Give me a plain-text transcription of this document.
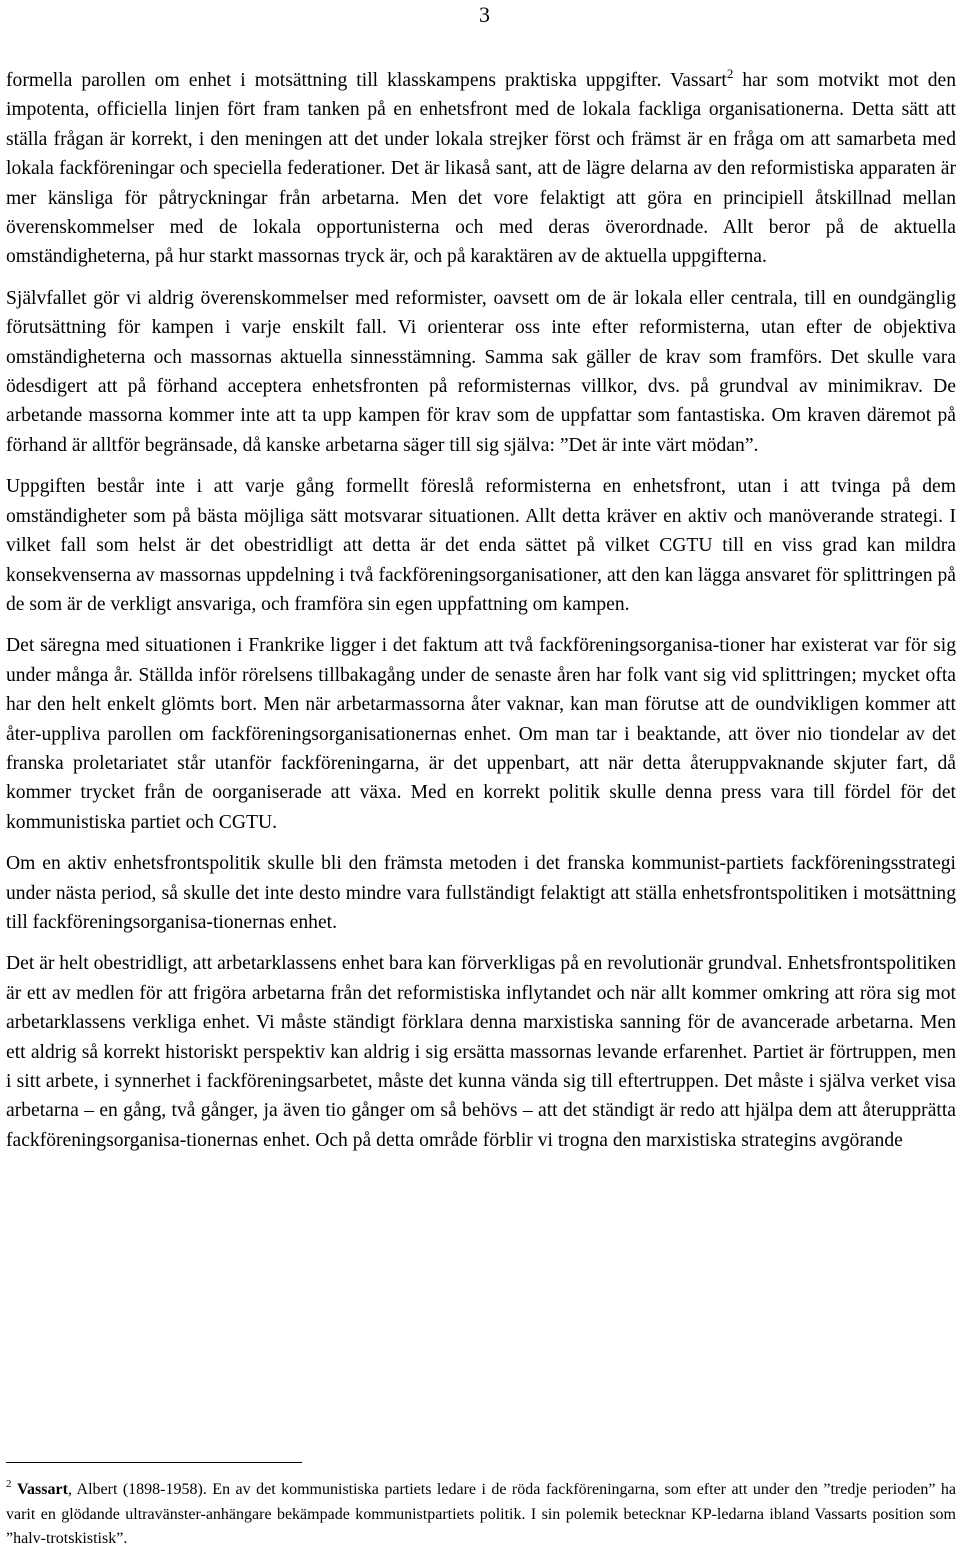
3

formella parollen om enhet i motsättning till klasskampens praktiska uppgifter. Vassart$^2$ har som motvikt mot den impotenta, officiella linjen fört fram tanken på en enhetsfront med de lokala fackliga organisationerna. Detta sätt att ställa frågan är korrekt, i den meningen att det under lokala strejker först och främst är en fråga om att samarbeta med lokala fackföreningar och speciella federationer. Det är likaså sant, att de lägre delarna av den reformistiska apparaten är mer känsliga för påtryckningar från arbetarna. Men det vore felaktigt att göra en principiell åtskillnad mellan överenskommelser med de lokala opportunisterna och med deras överordnade. Allt beror på de aktuella omständigheterna, på hur starkt massornas tryck är, och på karaktären av de aktuella uppgifterna.

Självfallet gör vi aldrig överenskommelser med reformister, oavsett om de är lokala eller centrala, till en oundgänglig förutsättning för kampen i varje enskilt fall. Vi orienterar oss inte efter reformisterna, utan efter de objektiva omständigheterna och massornas aktuella sinnesstämning. Samma sak gäller de krav som framförs. Det skulle vara ödesdigert att på förhand acceptera enhetsfronten på reformisternas villkor, dvs. på grundval av minimikrav. De arbetande massorna kommer inte att ta upp kampen för krav som de uppfattar som fantastiska. Om kraven däremot på förhand är alltför begränsade, då kanske arbetarna säger till sig själva: ”Det är inte värt mödan”.

Uppgiften består inte i att varje gång formellt föreslå reformisterna en enhetsfront, utan i att tvinga på dem omständigheter som på bästa möjliga sätt motsvarar situationen. Allt detta kräver en aktiv och manöverande strategi. I vilket fall som helst är det obestridligt att detta är det enda sättet på vilket CGTU till en viss grad kan mildra konsekvenserna av massornas uppdelning i två fackföreningsorganisationer, att den kan lägga ansvaret för splittringen på de som är de verkligt ansvariga, och framföra sin egen uppfattning om kampen.

Det säregna med situationen i Frankrike ligger i det faktum att två fackföreningsorganisa-tioner har existerat var för sig under många år. Ställda inför rörelsens tillbakagång under de senaste åren har folk vant sig vid splittringen; mycket ofta har den helt enkelt glömts bort. Men när arbetarmassorna åter vaknar, kan man förutse att de oundvikligen kommer att åter-uppliva parollen om fackföreningsorganisationernas enhet. Om man tar i beaktande, att över nio tiondelar av det franska proletariatet står utanför fackföreningarna, är det uppenbart, att när detta återuppvaknande skjuter fart, då kommer trycket från de oorganiserade att växa. Med en korrekt politik skulle denna press vara till fördel för det kommunistiska partiet och CGTU.

Om en aktiv enhetsfrontspolitik skulle bli den främsta metoden i det franska kommunist-partiets fackföreningsstrategi under nästa period, så skulle det inte desto mindre vara fullständigt felaktigt att ställa enhetsfrontspolitiken i motsättning till fackföreningsorganisa-tionernas enhet.

Det är helt obestridligt, att arbetarklassens enhet bara kan förverkligas på en revolutionär grundval. Enhetsfrontspolitiken är ett av medlen för att frigöra arbetarna från det reformistiska inflytandet och när allt kommer omkring att röra sig mot arbetarklassens verkliga enhet. Vi måste ständigt förklara denna marxistiska sanning för de avancerade arbetarna. Men ett aldrig så korrekt historiskt perspektiv kan aldrig i sig ersätta massornas levande erfarenhet. Partiet är förtruppen, men i sitt arbete, i synnerhet i fackföreningsarbetet, måste det kunna vända sig till eftertruppen. Det måste i själva verket visa arbetarna – en gång, två gånger, ja även tio gånger om så behövs – att det ständigt är redo att hjälpa dem att återupprätta fackföreningsorganisa-tionernas enhet. Och på detta område förblir vi trogna den marxistiska strategins avgörande

$^2$ Vassart, Albert (1898-1958). En av det kommunistiska partiets ledare i de röda fackföreningarna, som efter att under den ”tredje perioden” ha varit en glödande ultravänster-anhängare bekämpade kommunistpartiets politik. I sin polemik betecknar KP-ledarna ibland Vassarts position som ”halv-trotskistisk”.
